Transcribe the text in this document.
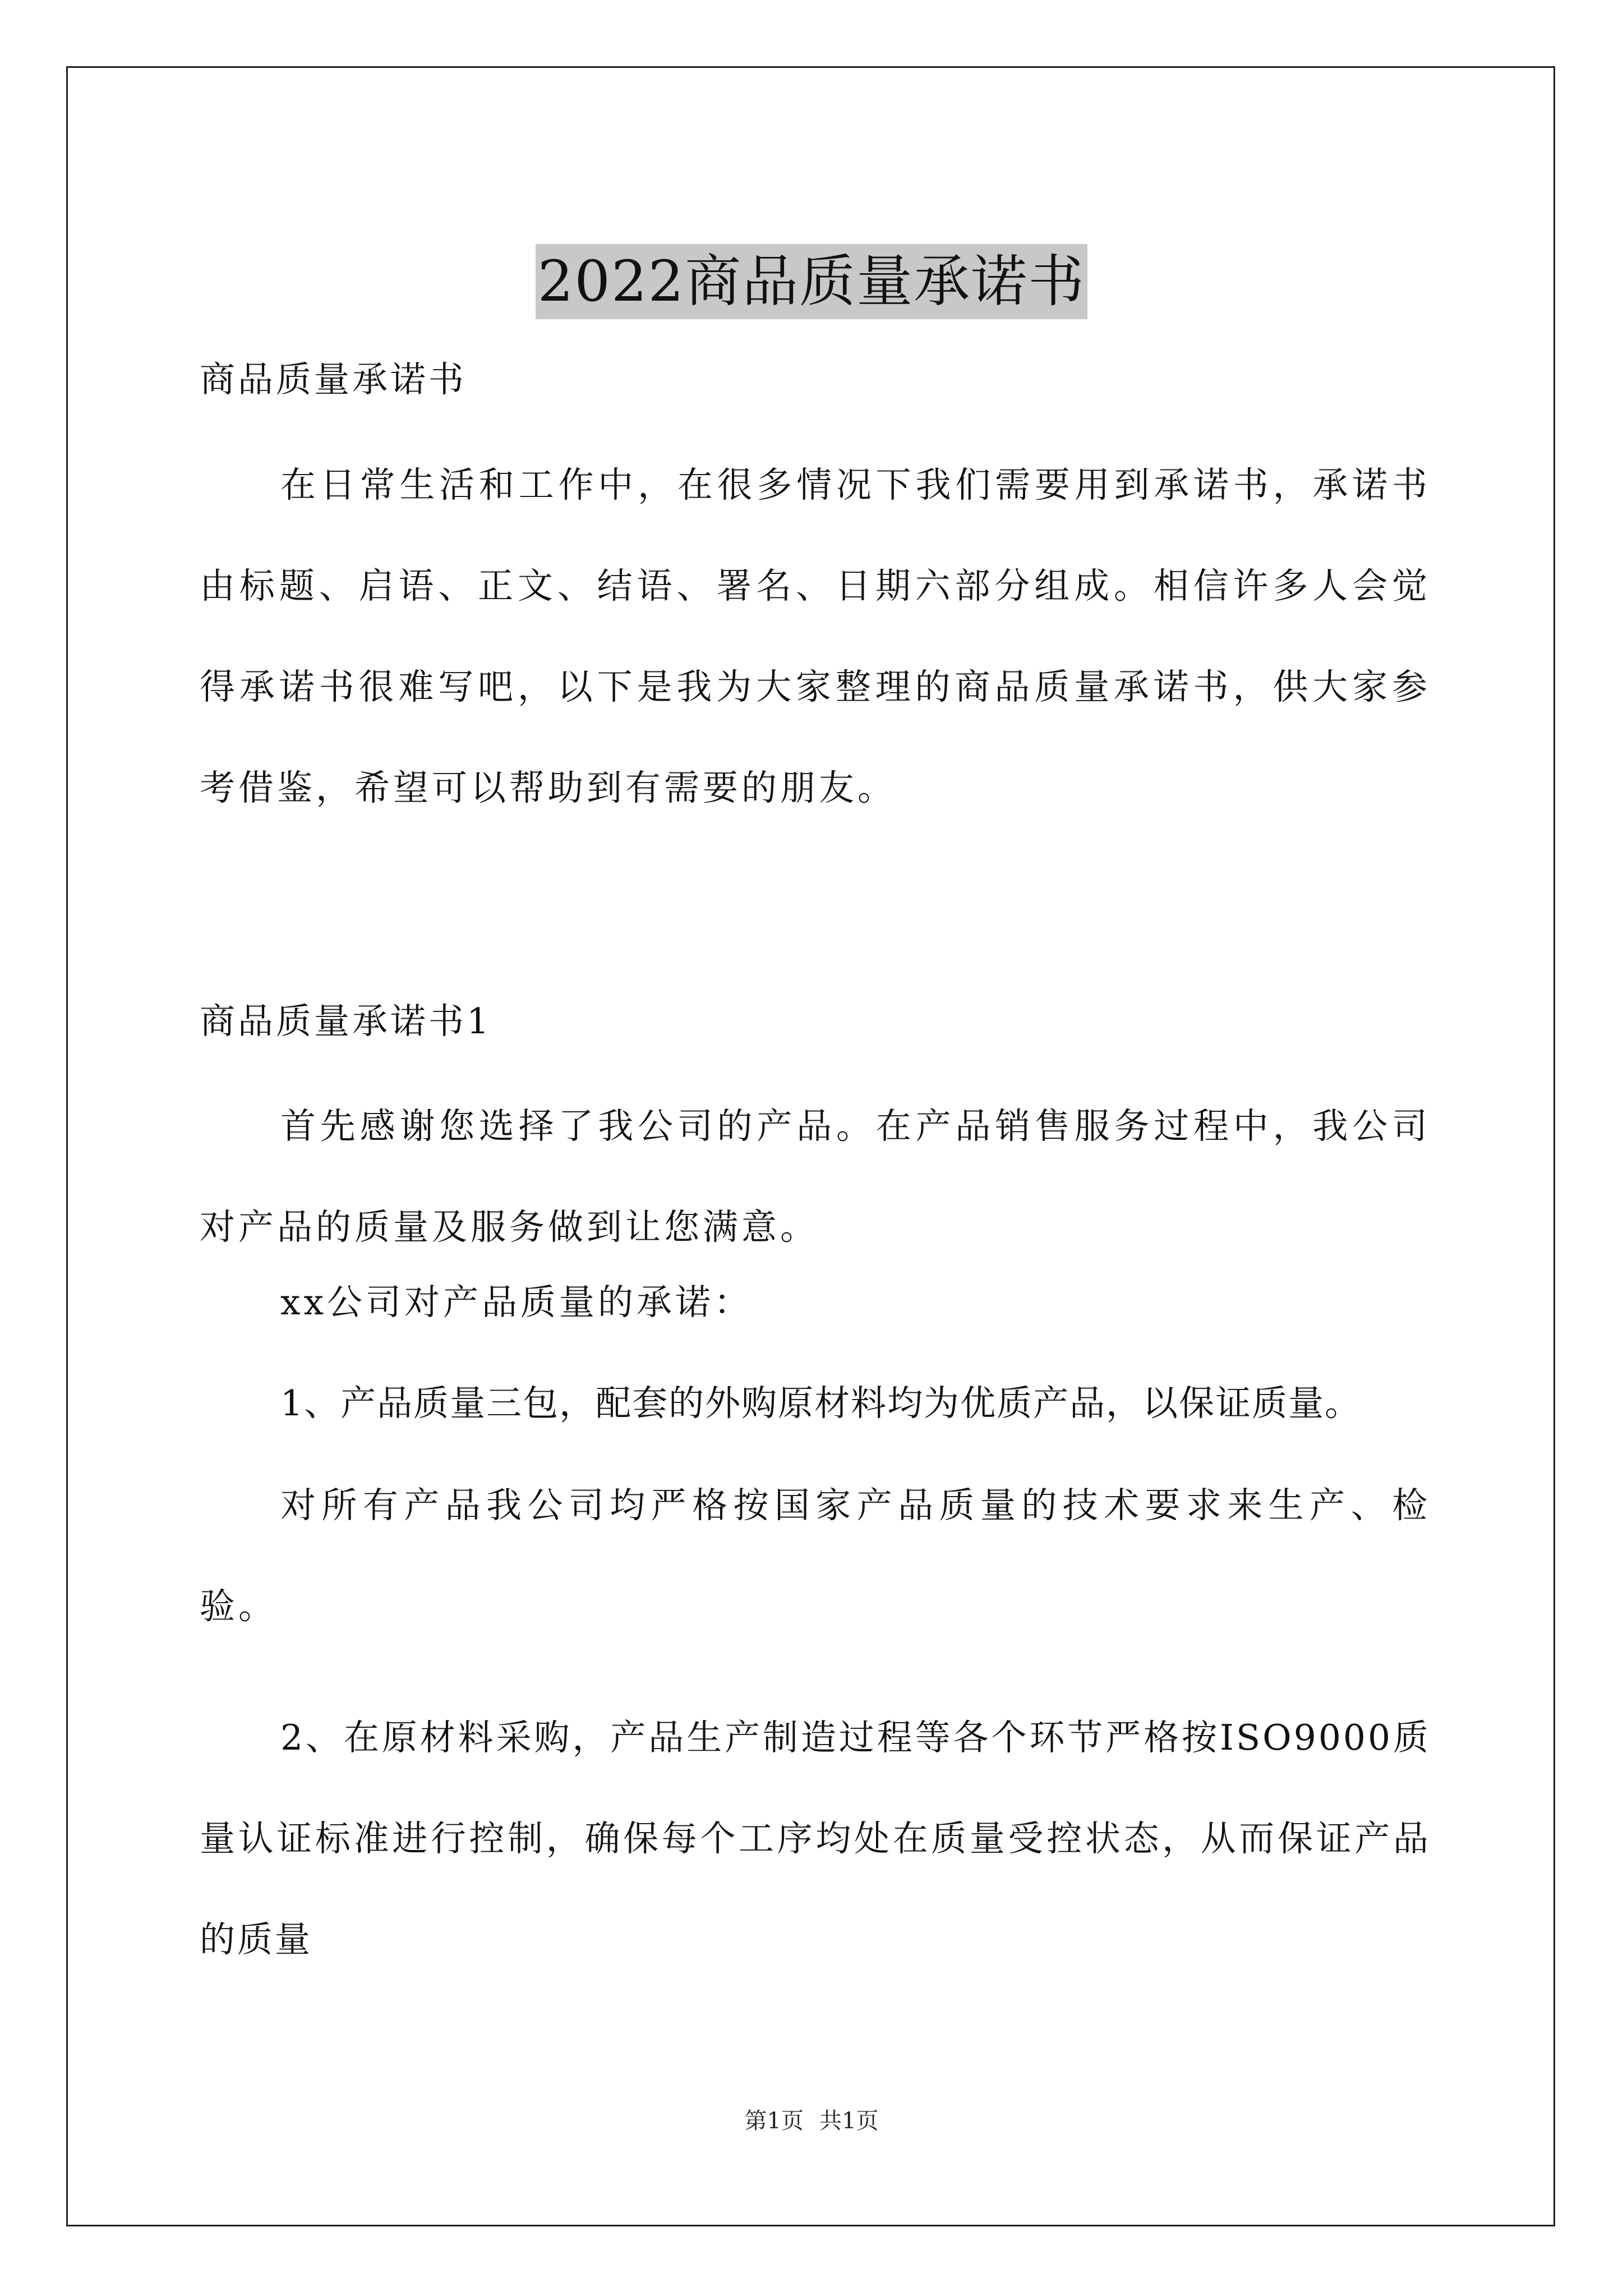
2022商品质量承诺书
商品质量承诺书

在日常生活和工作中，在很多情况下我们需要用到承诺书，承诺书由标题、启语、正文、结语、署名、日期六部分组成。相信许多人会觉得承诺书很难写吧，以下是我为大家整理的商品质量承诺书，供大家参考借鉴，希望可以帮助到有需要的朋友。

商品质量承诺书1

首先感谢您选择了我公司的产品。在产品销售服务过程中，我公司对产品的质量及服务做到让您满意。

xx公司对产品质量的承诺：

1、产品质量三包，配套的外购原材料均为优质产品，以保证质量。

对所有产品我公司均严格按国家产品质量的技术要求来生产、检验。

2、在原材料采购，产品生产制造过程等各个环节严格按ISO9000质量认证标准进行控制，确保每个工序均处在质量受控状态，从而保证产品的质量

第1页 共1页
